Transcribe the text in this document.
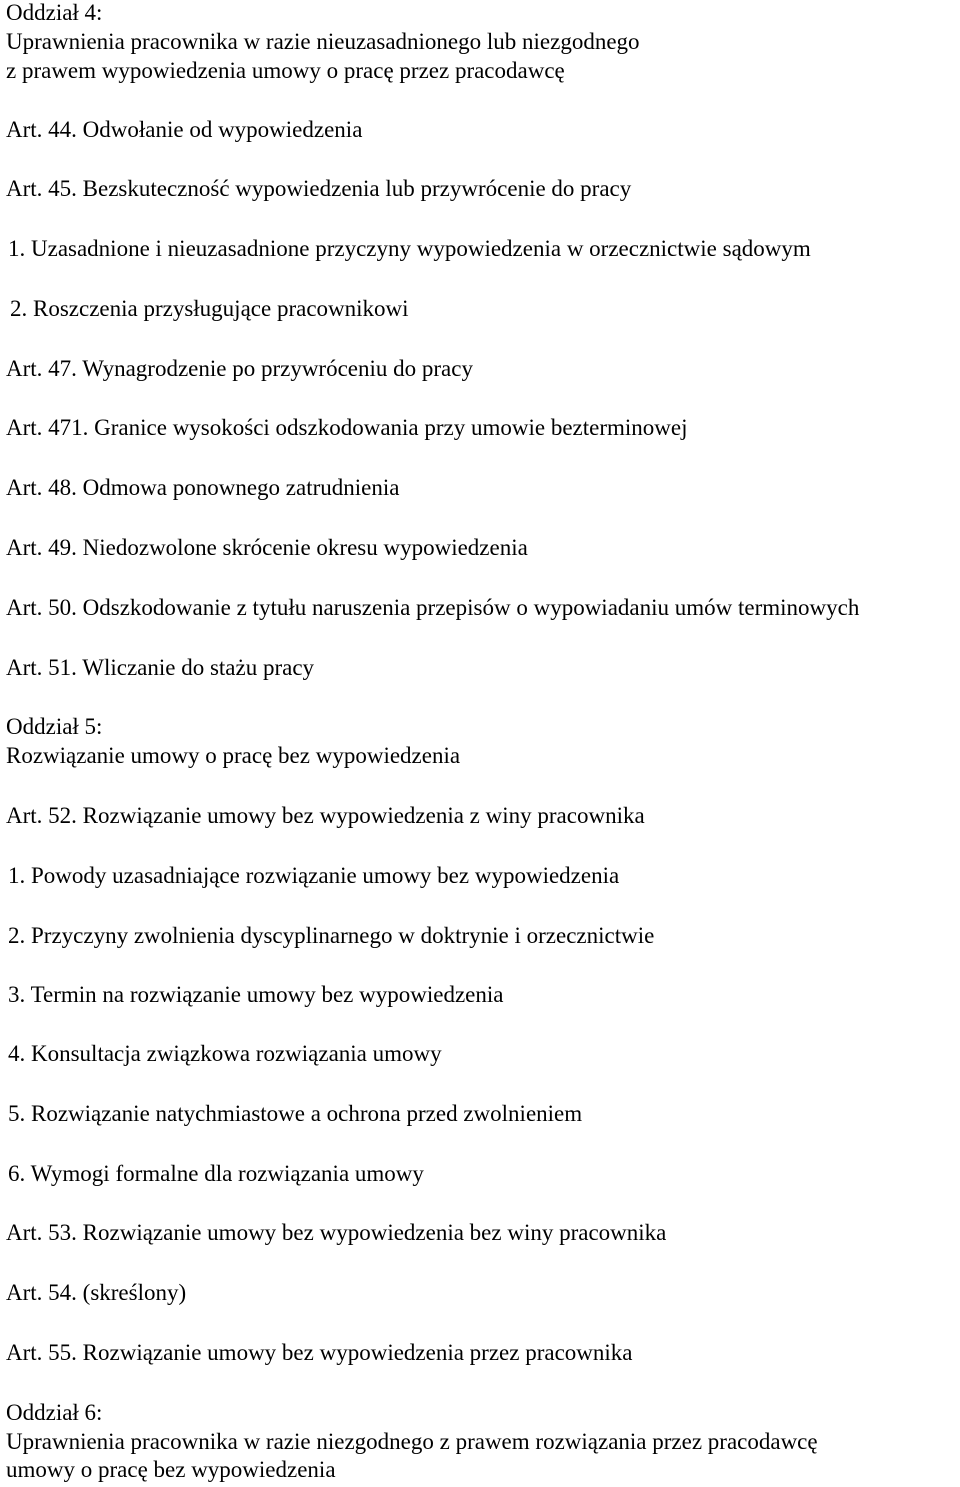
Oddział 4:
Uprawnienia pracownika w razie nieuzasadnionego lub niezgodnego
z prawem wypowiedzenia umowy o pracę przez pracodawcę
Art. 44. Odwołanie od wypowiedzenia
Art. 45. Bezskuteczność wypowiedzenia lub przywrócenie do pracy
1. Uzasadnione i nieuzasadnione przyczyny wypowiedzenia w orzecznictwie sądowym
2. Roszczenia przysługujące pracownikowi
Art. 47. Wynagrodzenie po przywróceniu do pracy
Art. 471. Granice wysokości odszkodowania przy umowie bezterminowej
Art. 48. Odmowa ponownego zatrudnienia
Art. 49. Niedozwolone skrócenie okresu wypowiedzenia
Art. 50. Odszkodowanie z tytułu naruszenia przepisów o wypowiadaniu umów terminowych
Art. 51. Wliczanie do stażu pracy
Oddział 5:
Rozwiązanie umowy o pracę bez wypowiedzenia
Art. 52. Rozwiązanie umowy bez wypowiedzenia z winy pracownika
1. Powody uzasadniające rozwiązanie umowy bez wypowiedzenia
2. Przyczyny zwolnienia dyscyplinarnego w doktrynie i orzecznictwie
3. Termin na rozwiązanie umowy bez wypowiedzenia
4. Konsultacja związkowa rozwiązania umowy
5. Rozwiązanie natychmiastowe a ochrona przed zwolnieniem
6. Wymogi formalne dla rozwiązania umowy
Art. 53. Rozwiązanie umowy bez wypowiedzenia bez winy pracownika
Art. 54. (skreślony)
Art. 55. Rozwiązanie umowy bez wypowiedzenia przez pracownika
Oddział 6:
Uprawnienia pracownika w razie niezgodnego z prawem rozwiązania przez pracodawcę
umowy o pracę bez wypowiedzenia
